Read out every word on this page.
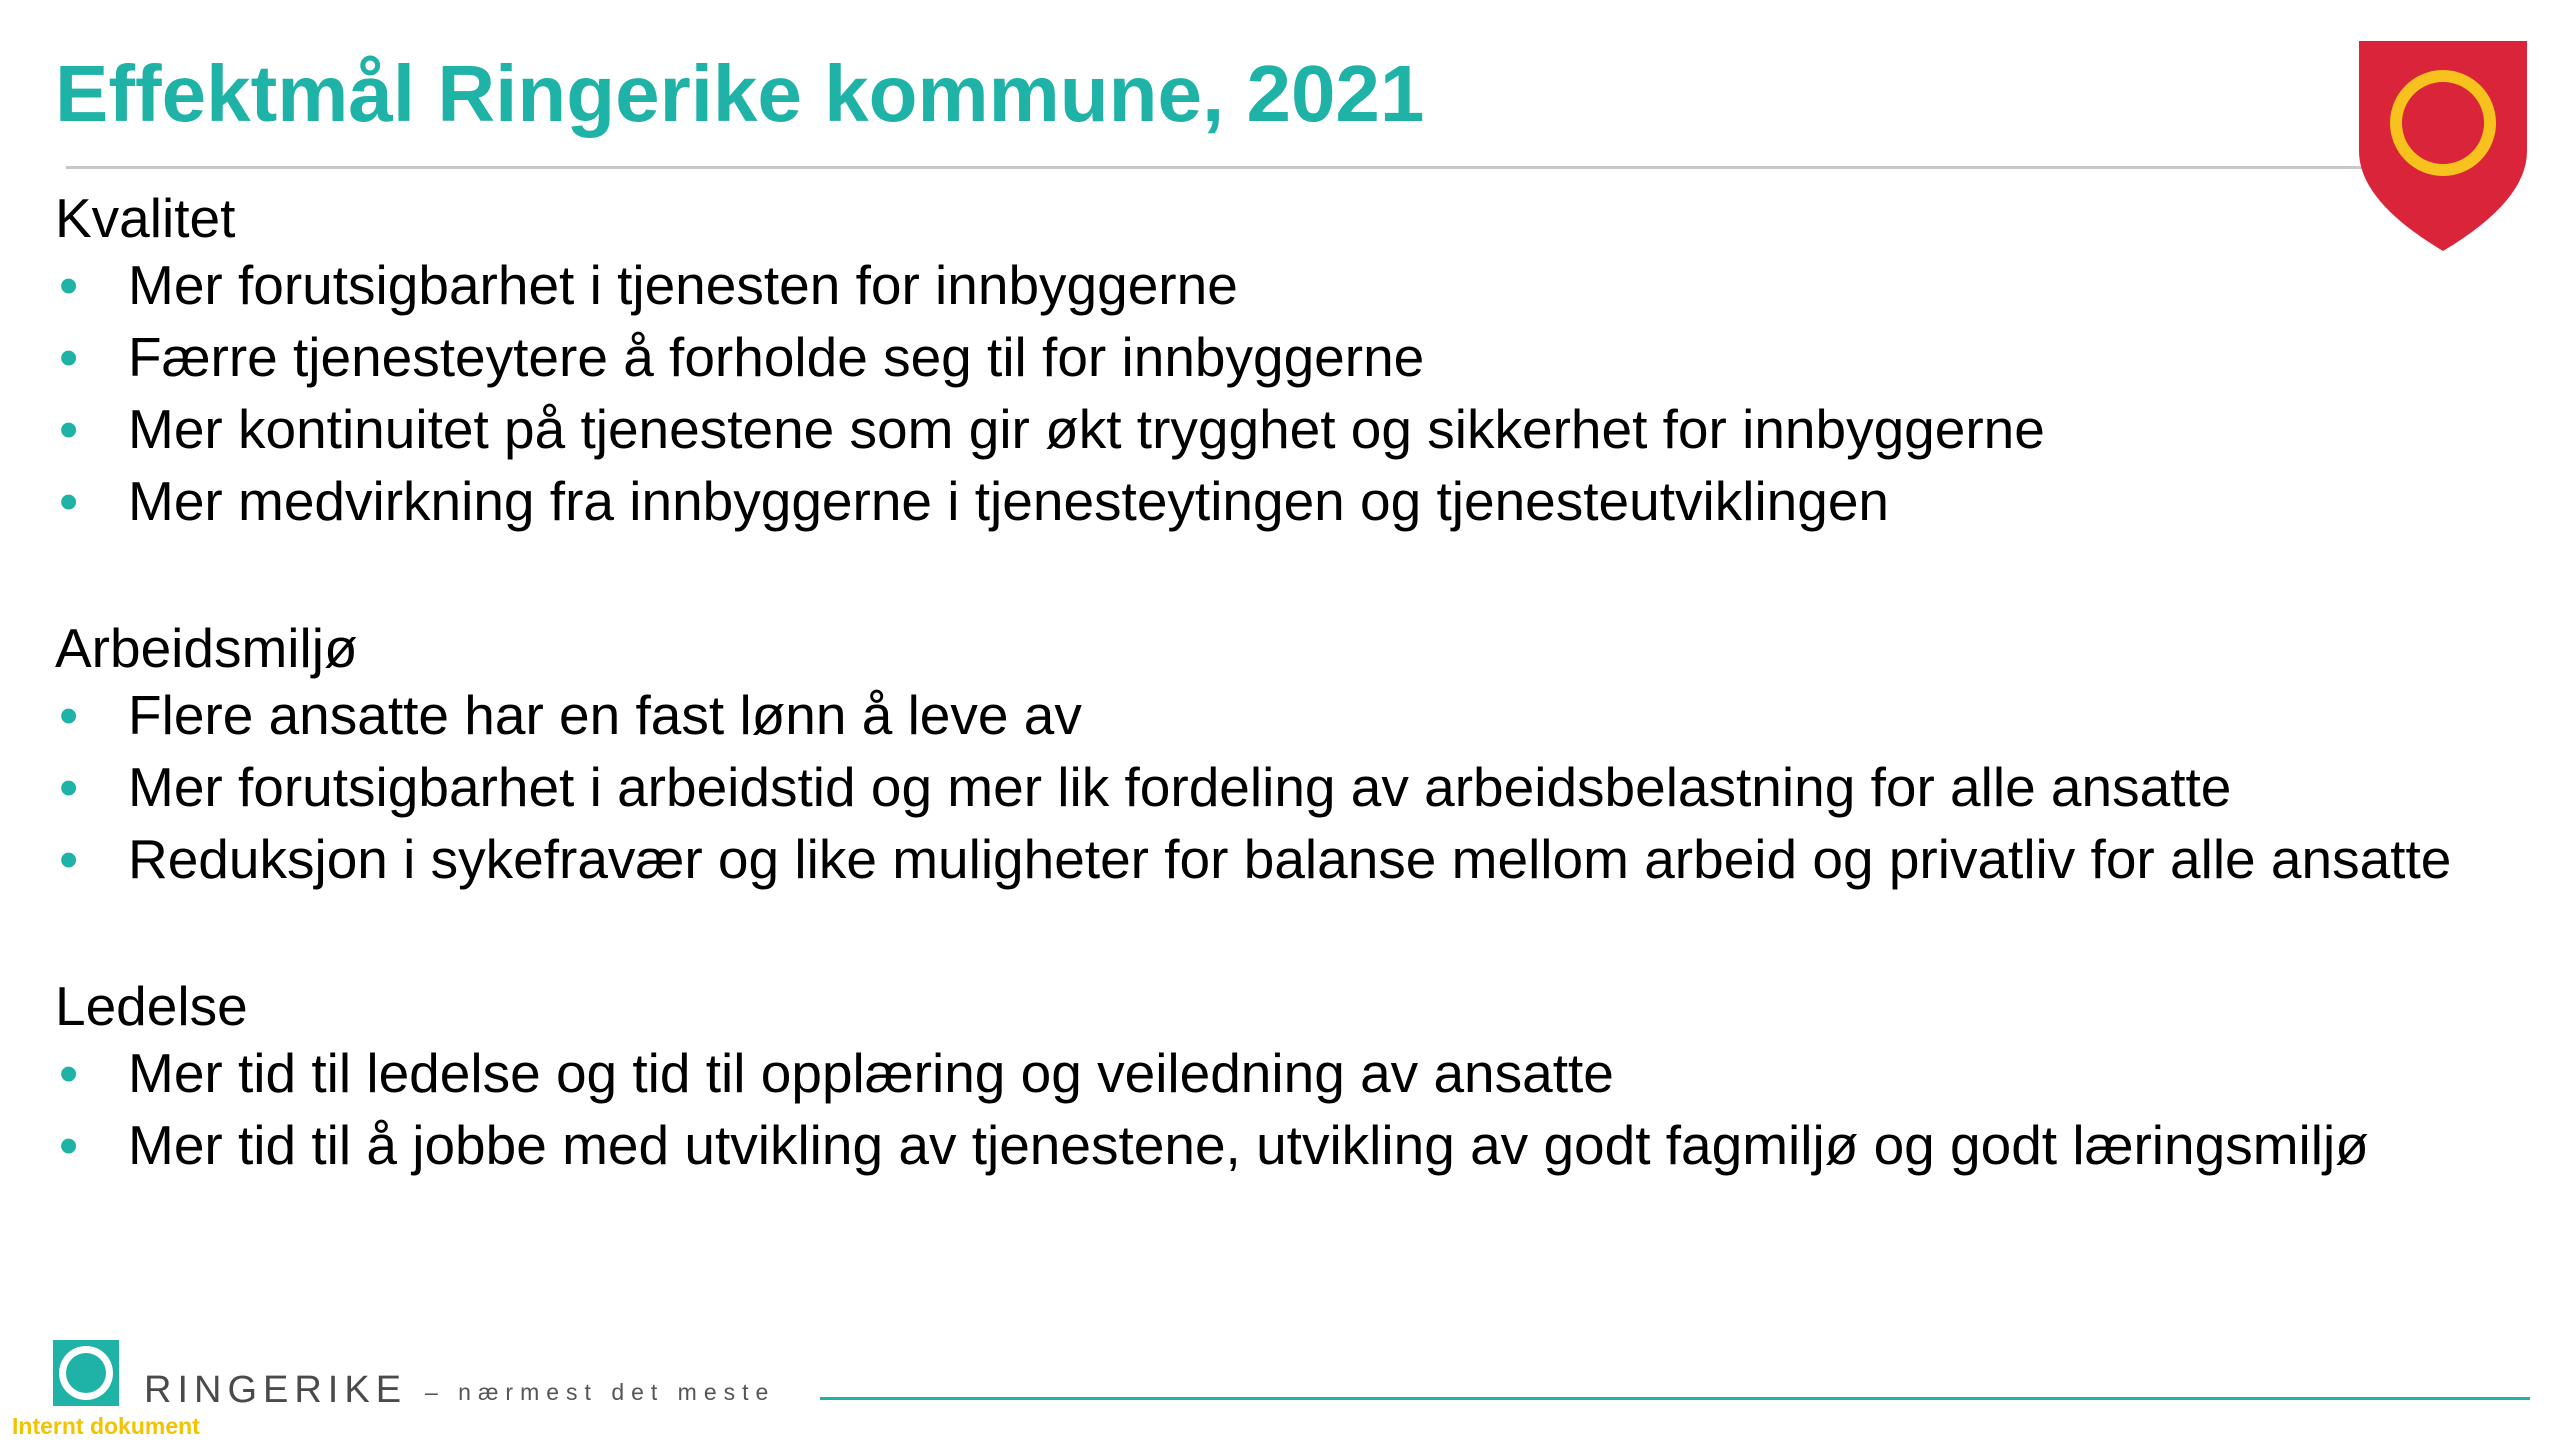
Effektmål Ringerike kommune, 2021

Kvalitet

• Mer forutsigbarhet i tjenesten for innbyggerne
• Færre tjenesteytere å forholde seg til for innbyggerne
• Mer kontinuitet på tjenestene som gir økt trygghet og sikkerhet for innbyggerne
• Mer medvirkning fra innbyggerne i tjenesteytingen og tjenesteutviklingen

Arbeidsmiljø

• Flere ansatte har en fast lønn å leve av
• Mer forutsigbarhet i arbeidstid og mer lik fordeling av arbeidsbelastning for alle ansatte
• Reduksjon i sykefravær og like muligheter for balanse mellom arbeid og privatliv for alle ansatte

Ledelse

• Mer tid til ledelse og tid til opplæring og veiledning av ansatte
• Mer tid til å jobbe med utvikling av tjenestene, utvikling av godt fagmiljø og godt læringsmiljø
RINGERIKE – nærmest det meste
Internt dokument
